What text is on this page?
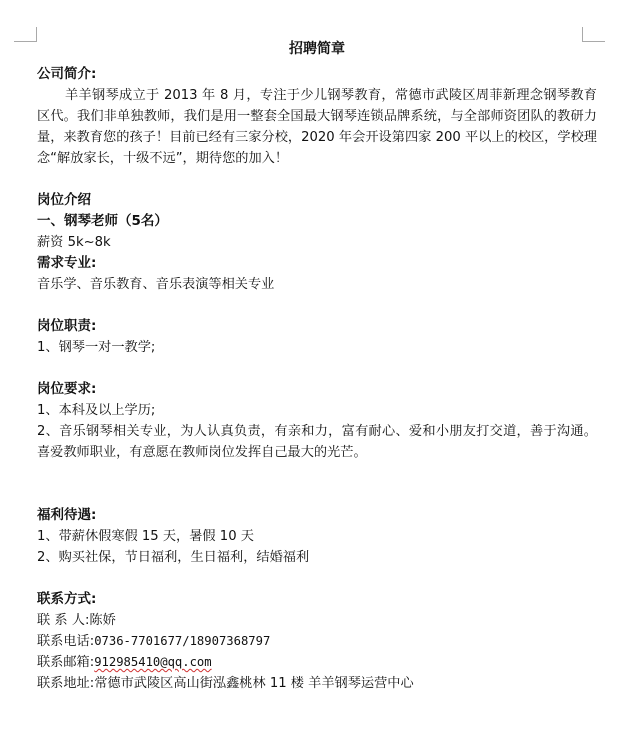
招聘简章

公司简介:

羊羊钢琴成立于 2013 年 8 月，专注于少儿钢琴教育，常德市武陵区周菲新理念钢琴教育区代。我们非单独教师，我们是用一整套全国最大钢琴连锁品牌系统，与全部师资团队的教研力量，来教育您的孩子！目前已经有三家分校，2020 年会开设第四家 200 平以上的校区，学校理念“解放家长，十级不远”，期待您的加入！

岗位介绍

一、钢琴老师（5名）

薪资 5k~8k

需求专业:

音乐学、音乐教育、音乐表演等相关专业

岗位职责:

1、钢琴一对一教学;

岗位要求:

1、本科及以上学历;

2、音乐钢琴相关专业，为人认真负责，有亲和力，富有耐心、爱和小朋友打交道，善于沟通。喜爱教师职业，有意愿在教师岗位发挥自己最大的光芒。

福利待遇:

1、带薪休假寒假 15 天，暑假 10 天

2、购买社保，节日福利，生日福利，结婚福利

联系方式:

联 系 人:陈娇

联系电话:0736-7701677/18907368797

联系邮箱:912985410@qq.com

联系地址:常德市武陵区高山街泓鑫桃林 11 楼 羊羊钢琴运营中心
